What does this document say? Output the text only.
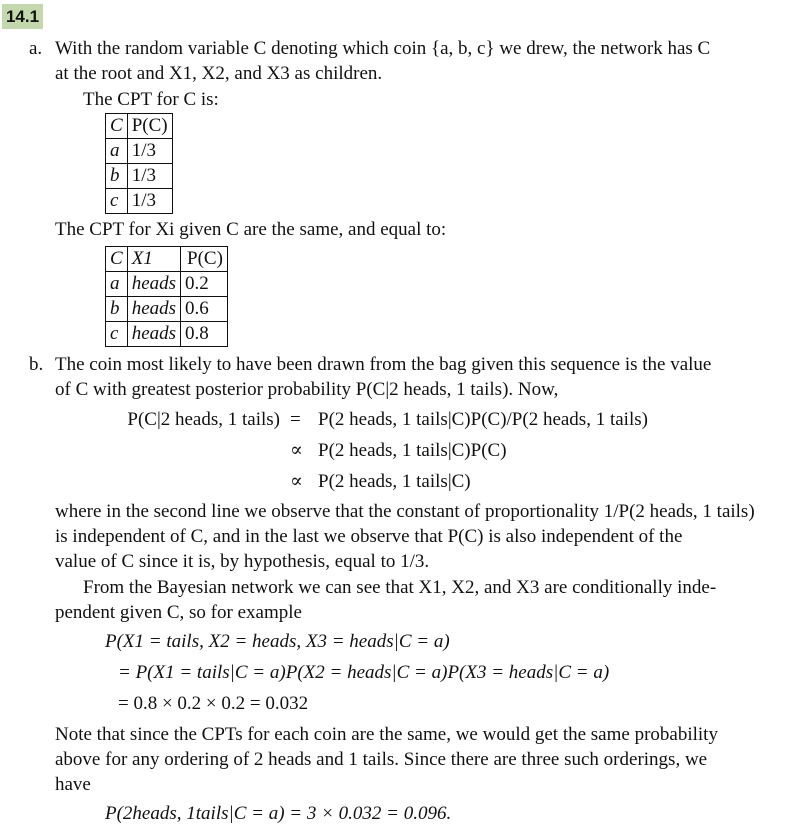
14.1
a. With the random variable C denoting which coin {a, b, c} we drew, the network has C
at the root and X1, X2, and X3 as children.
The CPT for C is:
C	P(C)
a	1/3
b	1/3
c	1/3
The CPT for Xi given C are the same, and equal to:
C	X1	P(C)
a	heads	0.2
b	heads	0.6
c	heads	0.8
b. The coin most likely to have been drawn from the bag given this sequence is the value
of C with greatest posterior probability P(C|2 heads, 1 tails). Now,
P(C|2 heads, 1 tails) = P(2 heads, 1 tails|C)P(C)/P(2 heads, 1 tails)
∝ P(2 heads, 1 tails|C)P(C)
∝ P(2 heads, 1 tails|C)
where in the second line we observe that the constant of proportionality 1/P(2 heads, 1 tails)
is independent of C, and in the last we observe that P(C) is also independent of the
value of C since it is, by hypothesis, equal to 1/3.
From the Bayesian network we can see that X1, X2, and X3 are conditionally inde-
pendent given C, so for example
P(X1 = tails, X2 = heads, X3 = heads|C = a)
= P(X1 = tails|C = a)P(X2 = heads|C = a)P(X3 = heads|C = a)
= 0.8 × 0.2 × 0.2 = 0.032
Note that since the CPTs for each coin are the same, we would get the same probability
above for any ordering of 2 heads and 1 tails. Since there are three such orderings, we
have
P(2heads, 1tails|C = a) = 3 × 0.032 = 0.096.
